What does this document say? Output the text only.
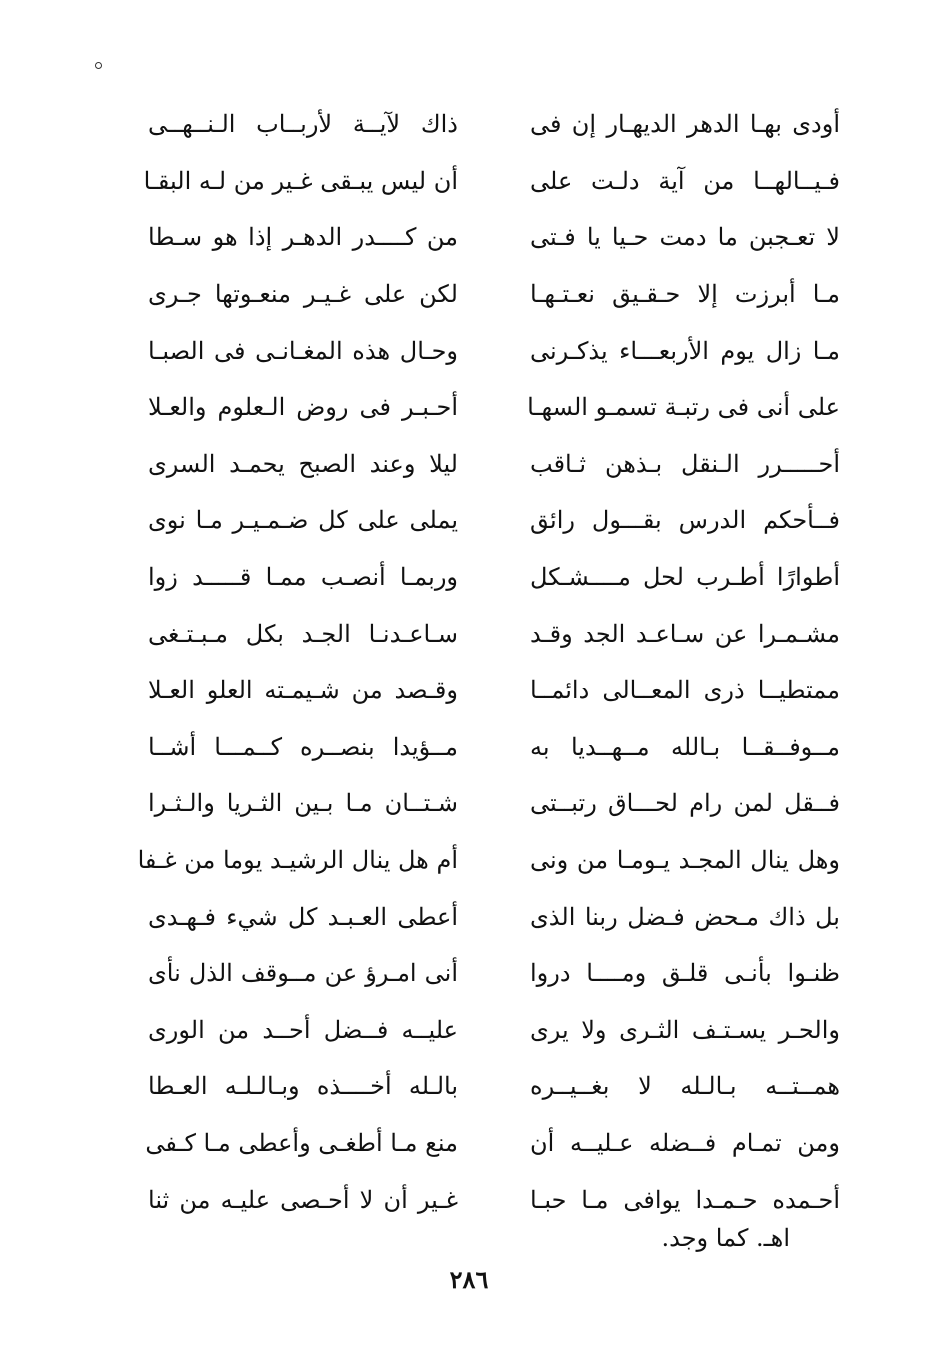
أودى بهـا الدهر الديهـار إن فى
ذاك لآيــة لأربــاب الـنــهــى
فـيــالهــا من آية دلـت على
أن ليس يبـقى غـير من لـه البقـا
لا تعـجبن ما دمت حـيا يا فـتى
من كــــدر الدهـر إذا هو سـطا
مـا أبرزت إلا حـقـيق نعـتـهـا
لكن على غـيـر منعـوتها جـرى
مـا زال يوم الأربعـــاء يذكـرنى
وحـال هذه المغـانـى فى الصبـا
على أنى فى رتبـة تسمـو السهـا
أحـبـر فى روض الـعلوم والعـلا
أحـــــرر الـنقل بـذهن ثـاقب
ليلا وعند الصبح يحمـد السرى
فــأحكم الدرس بقـــول رائق
يملى على كل ضـمـيـر مـا نوى
أطوارًا أطـرب لحل مــــشـكل
وربمـا أنصـب ممـا قـــــد زوا
مشـمـرا عن سـاعـد الجد وقـد
سـاعـدنـا الجـد بكل مـبـتـغى
ممتطيــا ذرى المعــالى دائمــا
وقـصد من شـيمـته العلو العـلا
مــوفــقــا بـالله مــهــديا به
مــؤيدا بنصــره كــمـــا أشــا
فــقل لمن رام لحـــاق رتبــتى
شـتــان مـا بـين الثـريا والـثـرا
وهل ينال المجـد يـومـا من ونى
أم هل ينال الرشيـد يوما من غـفا
بل ذاك مـحض فـضل ربنا الذى
أعطى العـبـد كل شيء فـهـدى
ظنـوا بأنـى قلـق ومــــا دروا
أنى امـرؤ عن مــوقف الذل نأى
والحـر يسـتـف الثـرى ولا يرى
عليــه فــضل أحــد من الورى
همــتــه بـالـله لا بغــيــره
بالـله أخــــذه وبـالـلـه العـطا
ومن تمـام فــضله عـليــه أن
منع مـا أطغـى وأعطى مـا كـفى
أحـمده حـمـدا يوافى مـا حبـا
غـير أن لا أحـصى عليـه من ثنا
اهـ. كما وجد.
٢٨٦
